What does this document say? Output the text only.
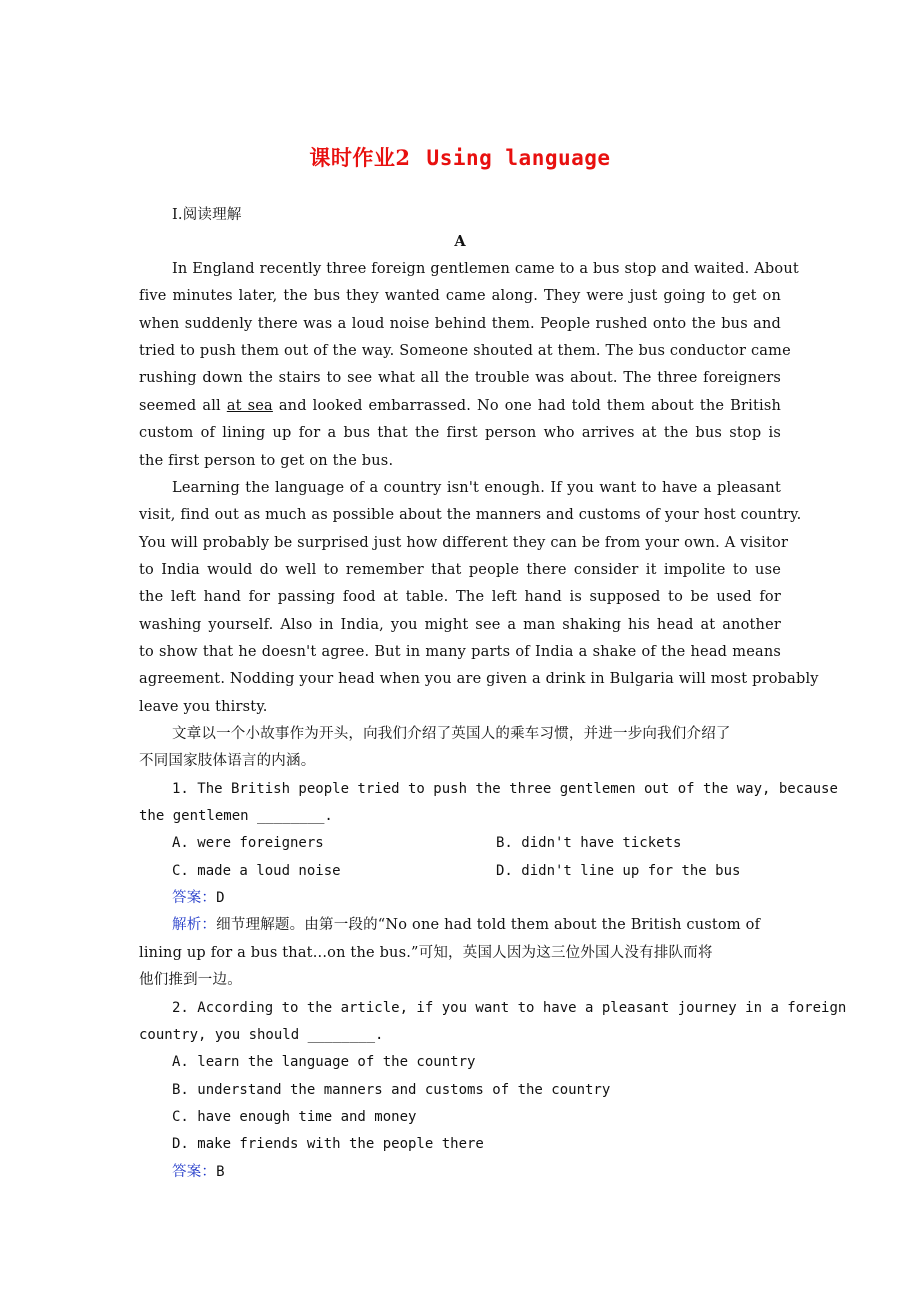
课时作业2 Using language
Ⅰ.阅读理解
A
In England recently three foreign gentlemen came to a bus stop and waited. About
five minutes later, the bus they wanted came along. They were just going to get on
when suddenly there was a loud noise behind them. People rushed onto the bus and
tried to push them out of the way. Someone shouted at them. The bus conductor came
rushing down the stairs to see what all the trouble was about. The three foreigners
seemed all at sea and looked embarrassed. No one had told them about the British
custom of lining up for a bus that the first person who arrives at the bus stop is
the first person to get on the bus.
Learning the language of a country isn't enough. If you want to have a pleasant
visit, find out as much as possible about the manners and customs of your host country.
You will probably be surprised just how different they can be from your own. A visitor
to India would do well to remember that people there consider it impolite to use
the left hand for passing food at table. The left hand is supposed to be used for
washing yourself. Also in India, you might see a man shaking his head at another
to show that he doesn't agree. But in many parts of India a shake of the head means
agreement. Nodding your head when you are given a drink in Bulgaria will most probably
leave you thirsty.
文章以一个小故事作为开头，向我们介绍了英国人的乘车习惯，并进一步向我们介绍了
不同国家肢体语言的内涵。
1. The British people tried to push the three gentlemen out of the way, because
the gentlemen ________.
A. were foreigners	B. didn't have tickets
C. made a loud noise	D. didn't line up for the bus
答案：D
解析：细节理解题。由第一段的“No one had told them about the British custom of
lining up for a bus that...on the bus.”可知，英国人因为这三位外国人没有排队而将
他们推到一边。
2. According to the article, if you want to have a pleasant journey in a foreign
country, you should ________.
A. learn the language of the country
B. understand the manners and customs of the country
C. have enough time and money
D. make friends with the people there
答案：B
